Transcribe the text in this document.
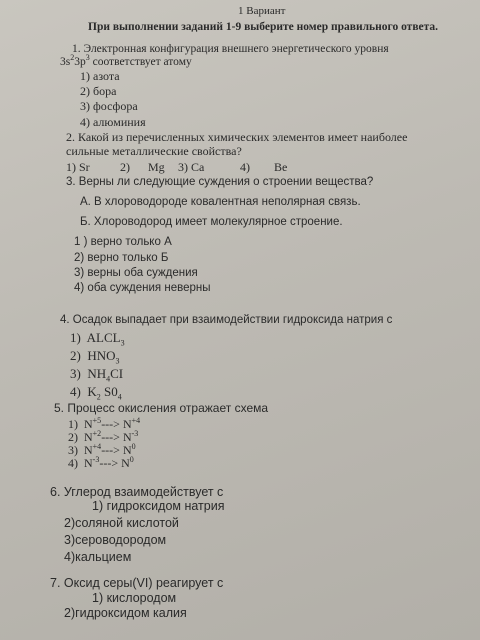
1 Вариант
При выполнении заданий 1-9 выберите номер правильного ответа.
1. Электронная конфигурация внешнего энергетического уровня
$3s^23p^3$ соответствует атому
1) азота
2) бора
3) фосфора
4) алюминия
2. Какой из перечисленных химических элементов имеет наиболее
сильные металлические свойства?
1) Sr	2) Mg 3) Ca	4) Be
3. Верны ли следующие суждения о строении вещества?
А. В хлороводороде ковалентная неполярная связь.
Б. Хлороводород имеет молекулярное строение.
1 ) верно только А
2) верно только Б
3) верны оба суждения
4) оба суждения неверны
4. Осадок выпадает при взаимодействии гидроксида натрия с
1) $ALCL_3$
2) $HNO_3$
3) $NH_4CI$
4) $K_2$ $S0_4$
5. Процесс окисления отражает схема
1) $N^{+5}---> N^{+4}$
2) $N^{+2}---> N^{-3}$
3) $N^{+4}---> N^0$
4) $N^{-3}---> N^0$
6. Углерод взаимодействует с
1) гидроксидом натрия
2)соляной кислотой
3)сероводородом
4)кальцием
7. Оксид серы(VI) реагирует с
1) кислородом
2)гидроксидом калия
